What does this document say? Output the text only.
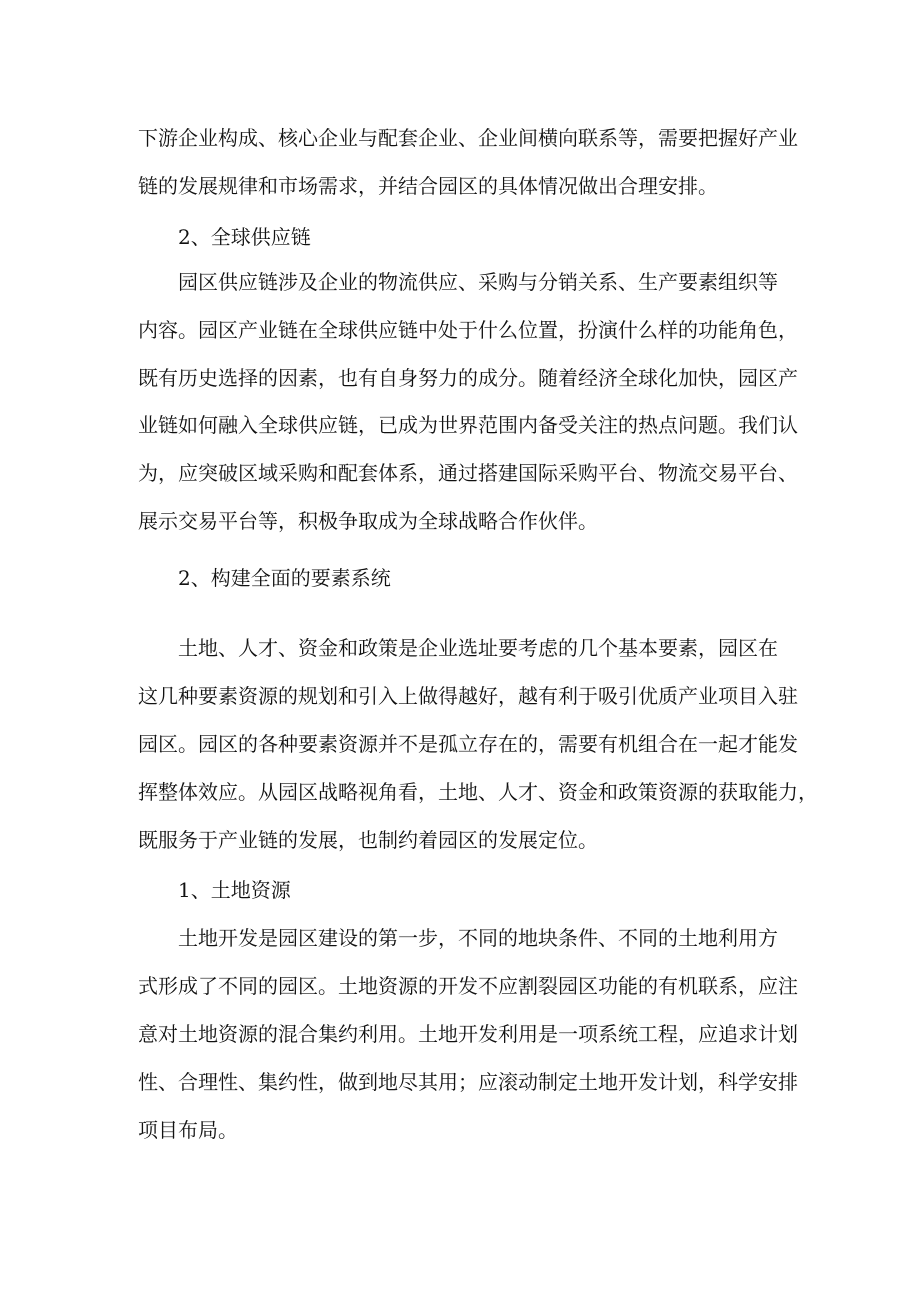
下游企业构成、核心企业与配套企业、企业间横向联系等，需要把握好产业
链的发展规律和市场需求，并结合园区的具体情况做出合理安排。
2、全球供应链
园区供应链涉及企业的物流供应、采购与分销关系、生产要素组织等
内容。园区产业链在全球供应链中处于什么位置，扮演什么样的功能角色，
既有历史选择的因素，也有自身努力的成分。随着经济全球化加快，园区产
业链如何融入全球供应链，已成为世界范围内备受关注的热点问题。我们认
为，应突破区域采购和配套体系，通过搭建国际采购平台、物流交易平台、
展示交易平台等，积极争取成为全球战略合作伙伴。
2、构建全面的要素系统
土地、人才、资金和政策是企业选址要考虑的几个基本要素，园区在
这几种要素资源的规划和引入上做得越好，越有利于吸引优质产业项目入驻
园区。园区的各种要素资源并不是孤立存在的，需要有机组合在一起才能发
挥整体效应。从园区战略视角看，土地、人才、资金和政策资源的获取能力，
既服务于产业链的发展，也制约着园区的发展定位。
1、土地资源
土地开发是园区建设的第一步，不同的地块条件、不同的土地利用方
式形成了不同的园区。土地资源的开发不应割裂园区功能的有机联系，应注
意对土地资源的混合集约利用。土地开发利用是一项系统工程，应追求计划
性、合理性、集约性，做到地尽其用；应滚动制定土地开发计划，科学安排
项目布局。
